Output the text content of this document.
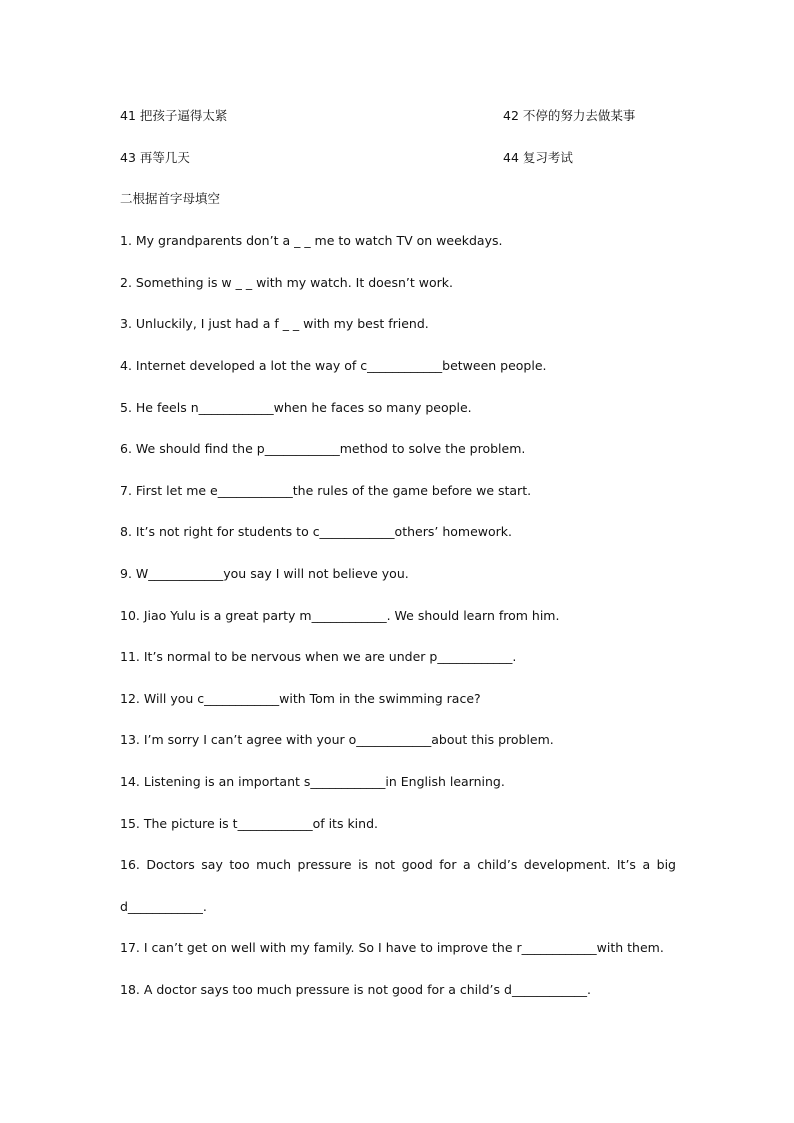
41 把孩子逼得太紧	42 不停的努力去做某事
43 再等几天	44 复习考试
二根据首字母填空
1. My grandparents don’t a _ _ me to watch TV on weekdays.
2. Something is w _ _ with my watch. It doesn’t work.
3. Unluckily, I just had a f _ _ with my best friend.
4. Internet developed a lot the way of c____________between people.
5. He feels n____________when he faces so many people.
6. We should find the p____________method to solve the problem.
7. First let me e____________the rules of the game before we start.
8. It’s not right for students to c____________others’ homework.
9. W____________you say I will not believe you.
10. Jiao Yulu is a great party m____________. We should learn from him.
11. It’s normal to be nervous when we are under p____________.
12. Will you c____________with Tom in the swimming race?
13. I’m sorry I can’t agree with your o____________about this problem.
14. Listening is an important s____________in English learning.
15. The picture is t____________of its kind.
16. Doctors say too much pressure is not good for a child’s development. It’s a big
d____________.
17. I can’t get on well with my family. So I have to improve the r____________with them.
18. A doctor says too much pressure is not good for a child’s d____________.
